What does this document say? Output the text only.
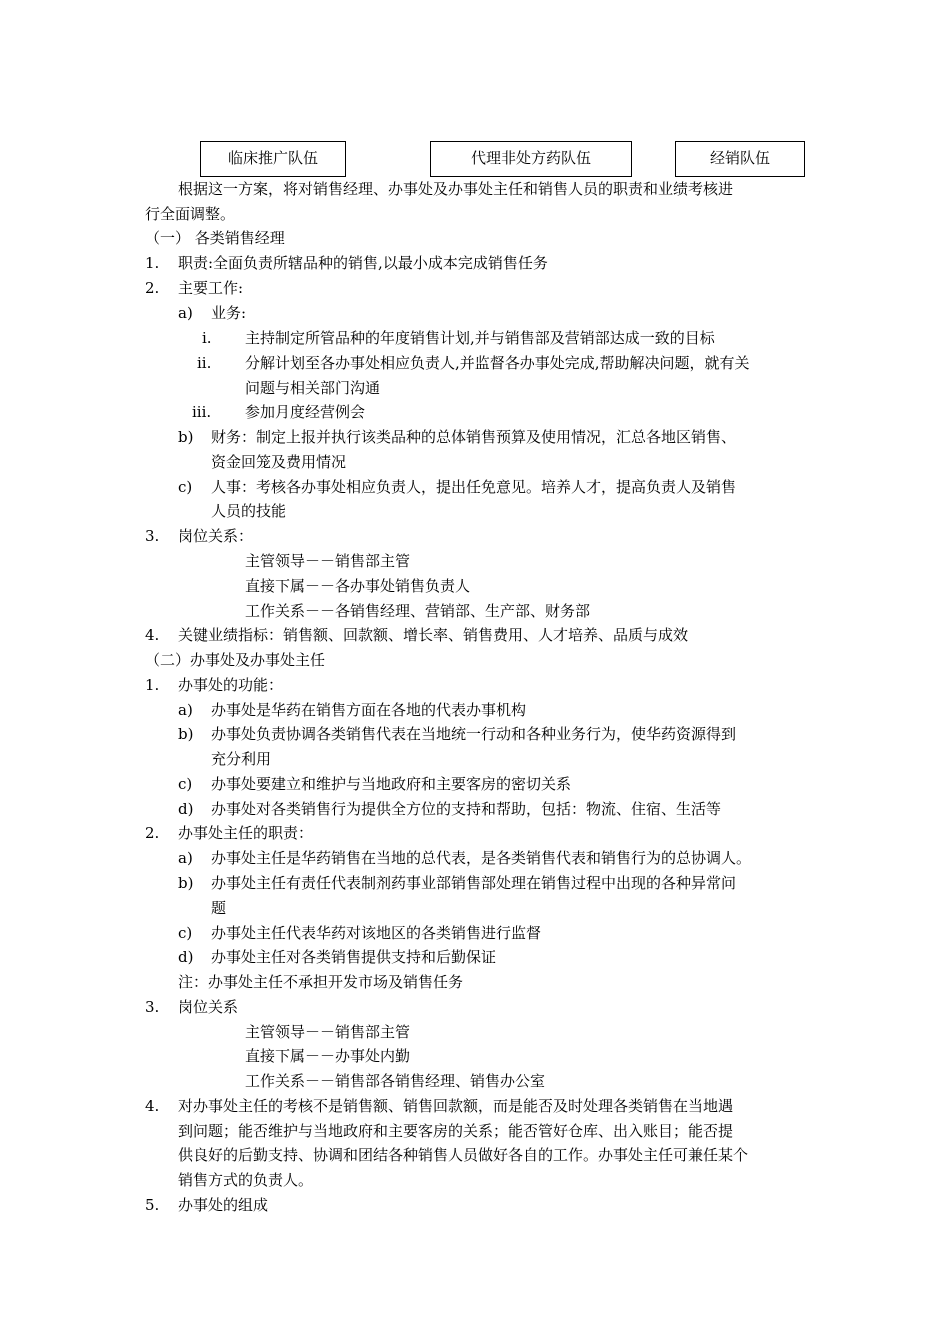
临床推广队伍	代理非处方药队伍	经销队伍
根据这一方案，将对销售经理、办事处及办事处主任和销售人员的职责和业绩考核进
行全面调整。
（一） 各类销售经理
1. 职责:全面负责所辖品种的销售,以最小成本完成销售任务
2. 主要工作:
a) 业务:
i. 主持制定所管品种的年度销售计划,并与销售部及营销部达成一致的目标
ii. 分解计划至各办事处相应负责人,并监督各办事处完成,帮助解决问题，就有关
问题与相关部门沟通
iii. 参加月度经营例会
b) 财务：制定上报并执行该类品种的总体销售预算及使用情况，汇总各地区销售、
资金回笼及费用情况
c) 人事：考核各办事处相应负责人，提出任免意见。培养人才，提高负责人及销售
人员的技能
3. 岗位关系：
主管领导－－销售部主管
直接下属－－各办事处销售负责人
工作关系－－各销售经理、营销部、生产部、财务部
4. 关键业绩指标：销售额、回款额、增长率、销售费用、人才培养、品质与成效
（二）办事处及办事处主任
1. 办事处的功能：
a) 办事处是华药在销售方面在各地的代表办事机构
b) 办事处负责协调各类销售代表在当地统一行动和各种业务行为，使华药资源得到
充分利用
c) 办事处要建立和维护与当地政府和主要客房的密切关系
d) 办事处对各类销售行为提供全方位的支持和帮助，包括：物流、住宿、生活等
2. 办事处主任的职责：
a) 办事处主任是华药销售在当地的总代表，是各类销售代表和销售行为的总协调人。
b) 办事处主任有责任代表制剂药事业部销售部处理在销售过程中出现的各种异常问
题
c) 办事处主任代表华药对该地区的各类销售进行监督
d) 办事处主任对各类销售提供支持和后勤保证
注：办事处主任不承担开发市场及销售任务
3. 岗位关系
主管领导－－销售部主管
直接下属－－办事处内勤
工作关系－－销售部各销售经理、销售办公室
4. 对办事处主任的考核不是销售额、销售回款额，而是能否及时处理各类销售在当地遇
到问题；能否维护与当地政府和主要客房的关系；能否管好仓库、出入账目；能否提
供良好的后勤支持、协调和团结各种销售人员做好各自的工作。办事处主任可兼任某个
销售方式的负责人。
5. 办事处的组成
